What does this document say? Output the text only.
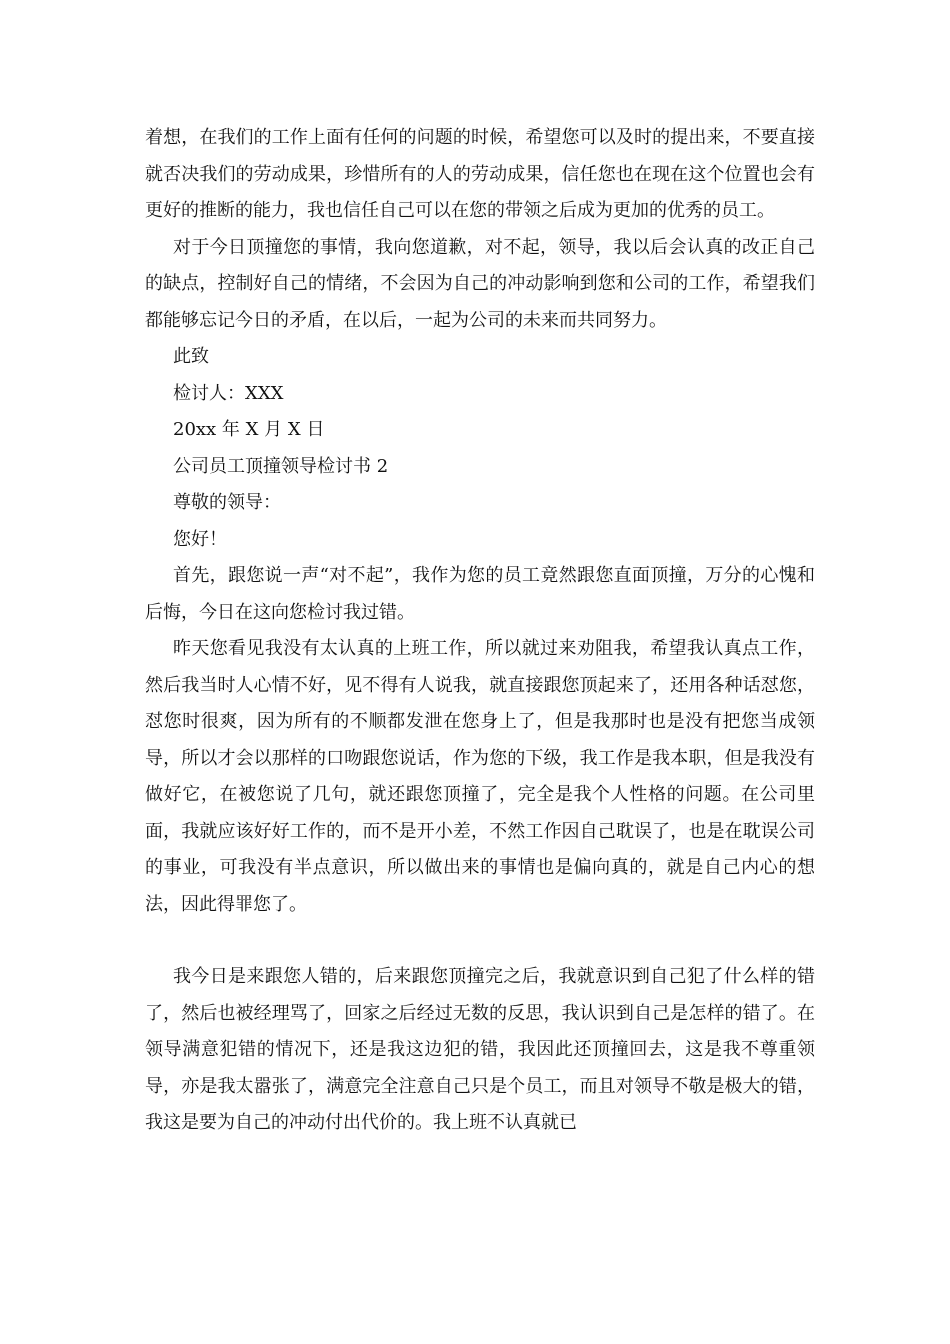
着想，在我们的工作上面有任何的问题的时候，希望您可以及时的提出来，不要直接就否决我们的劳动成果，珍惜所有的人的劳动成果，信任您也在现在这个位置也会有更好的推断的能力，我也信任自己可以在您的带领之后成为更加的优秀的员工。

对于今日顶撞您的事情，我向您道歉，对不起，领导，我以后会认真的改正自己的缺点，控制好自己的情绪，不会因为自己的冲动影响到您和公司的工作，希望我们都能够忘记今日的矛盾，在以后，一起为公司的未来而共同努力。

此致

检讨人：XXX

20xx 年 X 月 X 日

公司员工顶撞领导检讨书 2

尊敬的领导：

您好！

首先，跟您说一声“对不起”，我作为您的员工竟然跟您直面顶撞，万分的心愧和后悔，今日在这向您检讨我过错。

昨天您看见我没有太认真的上班工作，所以就过来劝阻我，希望我认真点工作，然后我当时人心情不好，见不得有人说我，就直接跟您顶起来了，还用各种话怼您，怼您时很爽，因为所有的不顺都发泄在您身上了，但是我那时也是没有把您当成领导，所以才会以那样的口吻跟您说话，作为您的下级，我工作是我本职，但是我没有做好它，在被您说了几句，就还跟您顶撞了，完全是我个人性格的问题。在公司里面，我就应该好好工作的，而不是开小差，不然工作因自己耽误了，也是在耽误公司的事业，可我没有半点意识，所以做出来的事情也是偏向真的，就是自己内心的想法，因此得罪您了。

我今日是来跟您人错的，后来跟您顶撞完之后，我就意识到自己犯了什么样的错了，然后也被经理骂了，回家之后经过无数的反思，我认识到自己是怎样的错了。在领导满意犯错的情况下，还是我这边犯的错，我因此还顶撞回去，这是我不尊重领导，亦是我太嚣张了，满意完全注意自己只是个员工，而且对领导不敬是极大的错，我这是要为自己的冲动付出代价的。我上班不认真就已
